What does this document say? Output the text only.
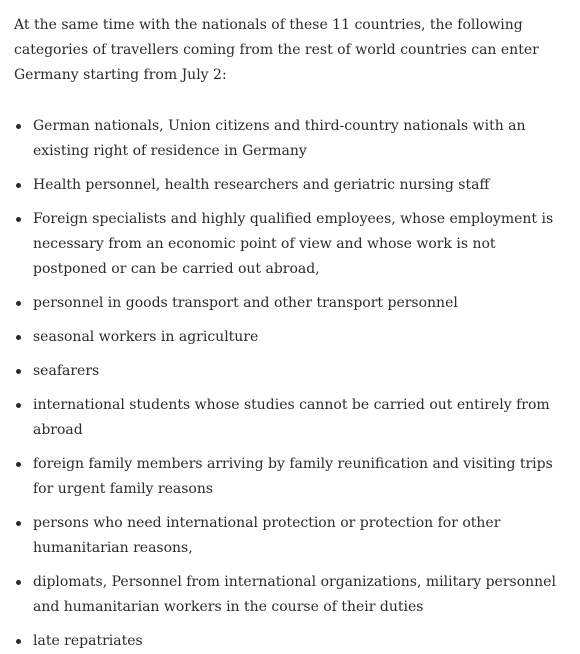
At the same time with the nationals of these 11 countries, the following categories of travellers coming from the rest of world countries can enter Germany starting from July 2:

German nationals, Union citizens and third-country nationals with an existing right of residence in Germany
Health personnel, health researchers and geriatric nursing staff
Foreign specialists and highly qualified employees, whose employment is necessary from an economic point of view and whose work is not postponed or can be carried out abroad,
personnel in goods transport and other transport personnel
seasonal workers in agriculture
seafarers
international students whose studies cannot be carried out entirely from abroad
foreign family members arriving by family reunification and visiting trips for urgent family reasons
persons who need international protection or protection for other humanitarian reasons,
diplomats, Personnel from international organizations, military personnel and humanitarian workers in the course of their duties
late repatriates
